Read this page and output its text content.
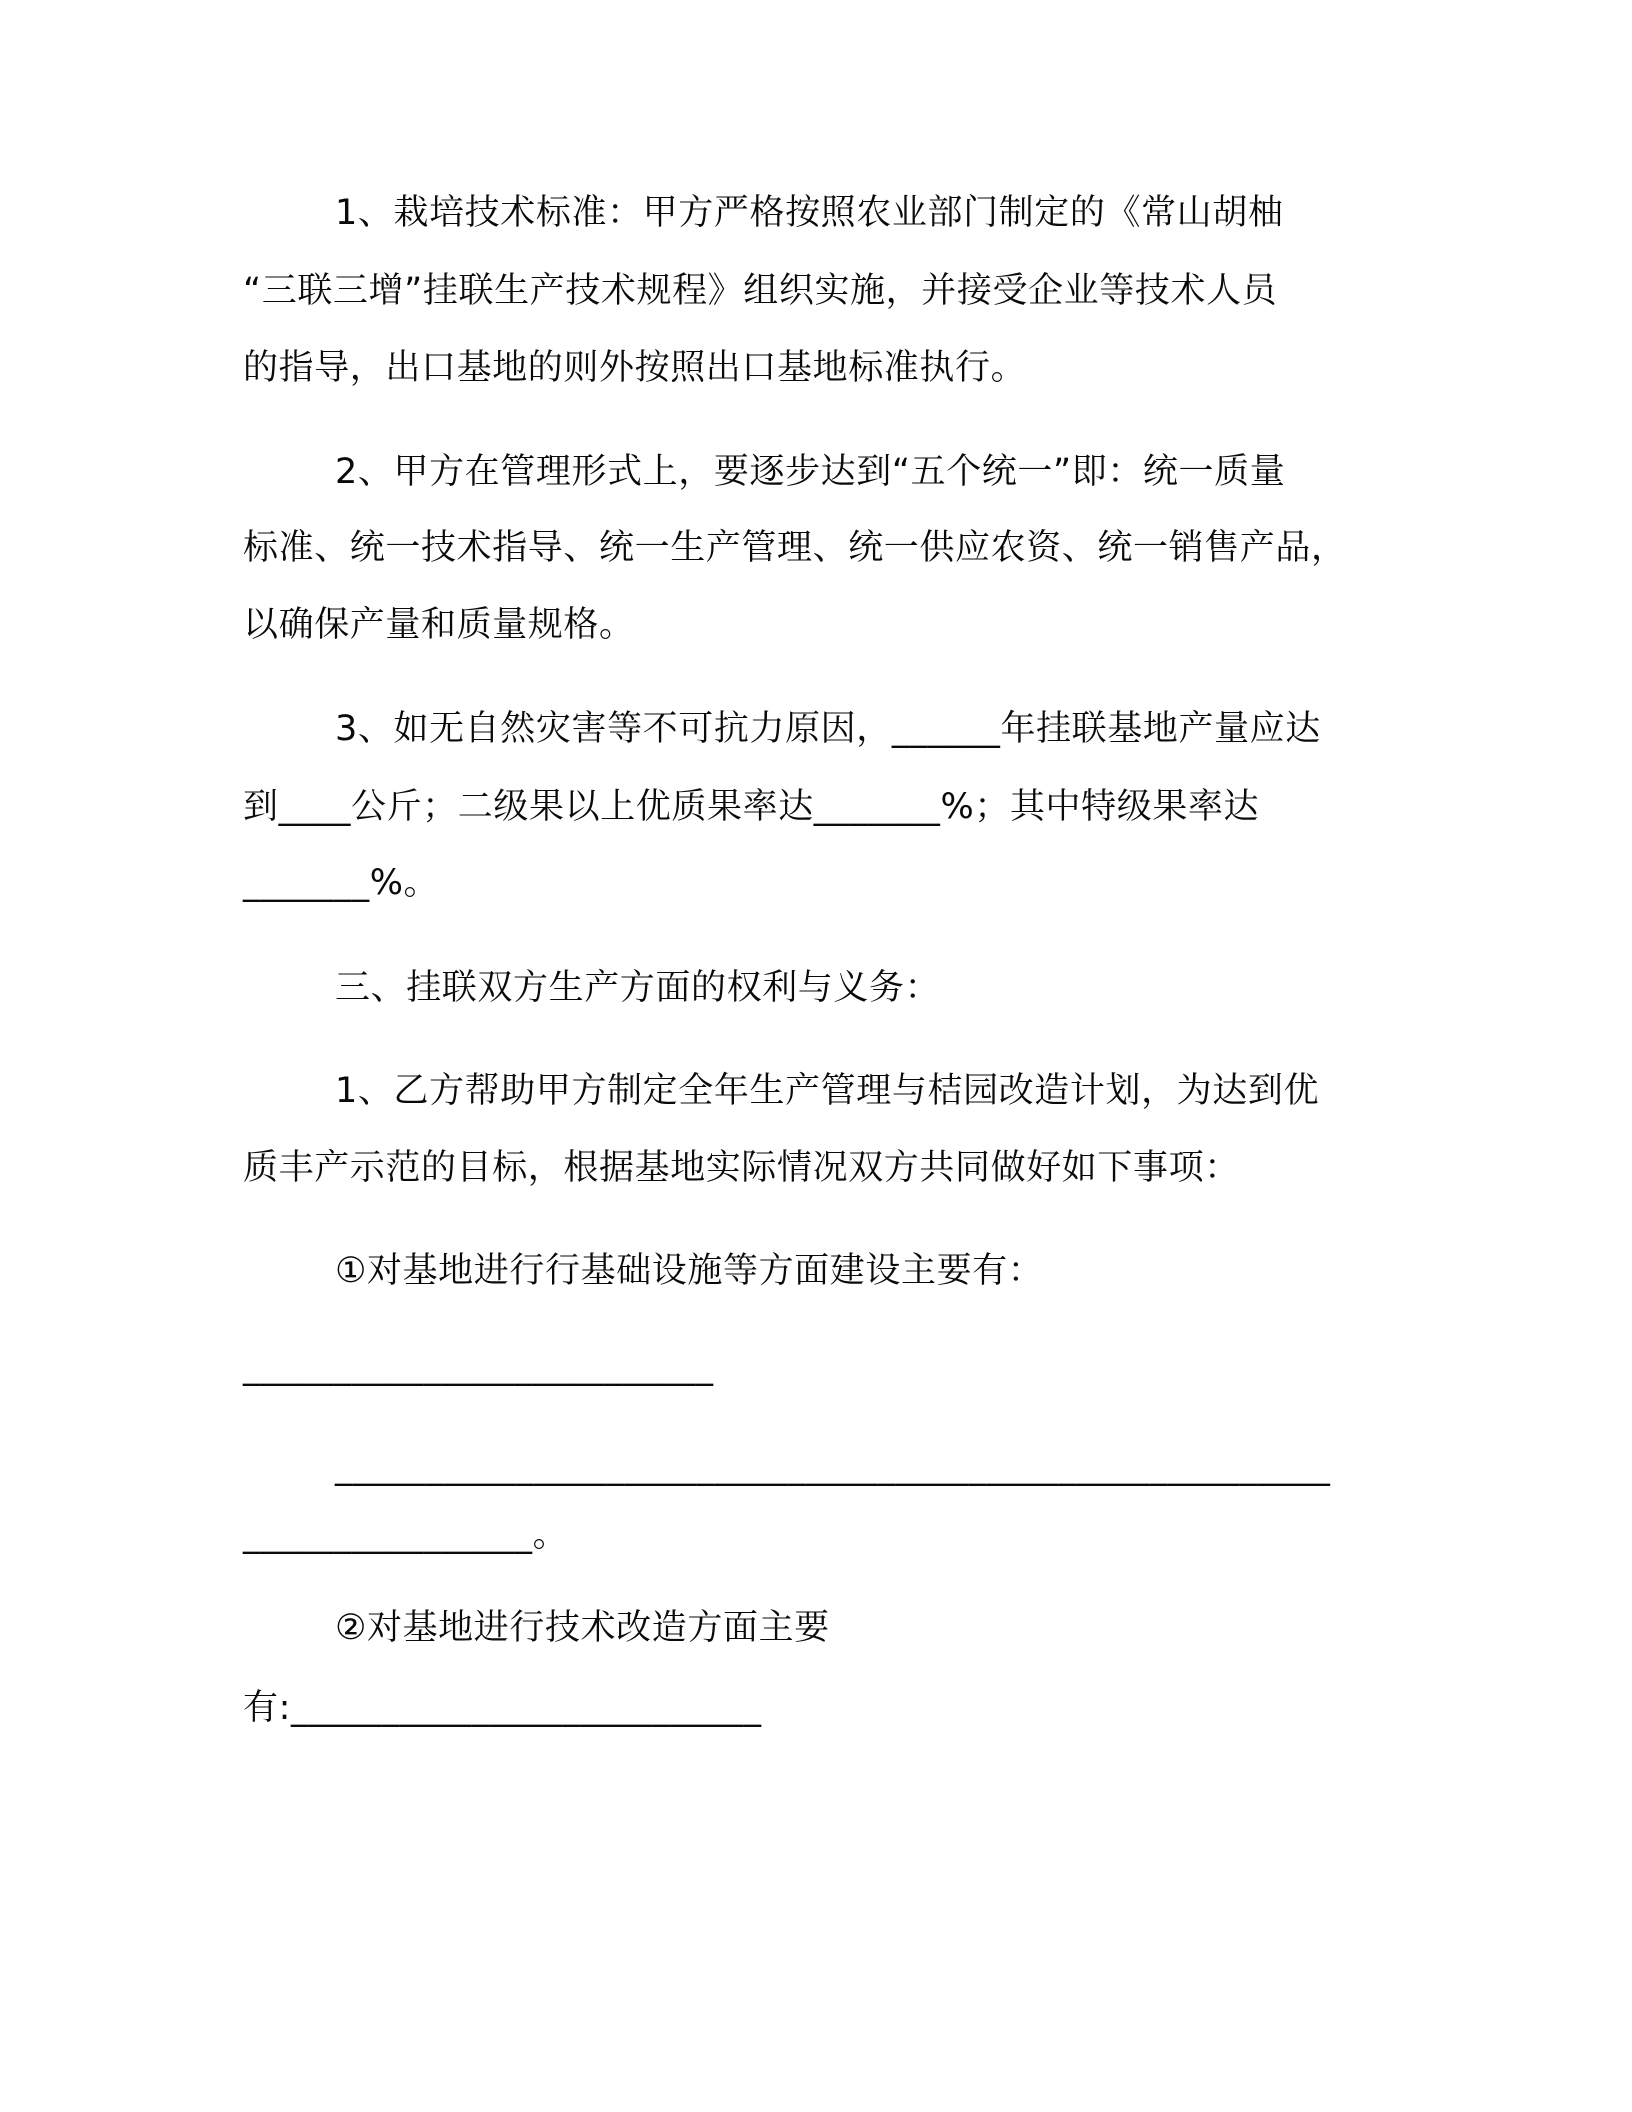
1、栽培技术标准：甲方严格按照农业部门制定的《常山胡柚
“三联三增”挂联生产技术规程》组织实施，并接受企业等技术人员
的指导，出口基地的则外按照出口基地标准执行。
2、甲方在管理形式上，要逐步达到“五个统一”即：统一质量
标准、统一技术指导、统一生产管理、统一供应农资、统一销售产品，
以确保产量和质量规格。
3、如无自然灾害等不可抗力原因，______年挂联基地产量应达
到____公斤；二级果以上优质果率达_______%；其中特级果率达
_______%。
三、挂联双方生产方面的权利与义务：
1、乙方帮助甲方制定全年生产管理与桔园改造计划，为达到优
质丰产示范的目标，根据基地实际情况双方共同做好如下事项：
①对基地进行行基础设施等方面建设主要有：
__________________________
_______________________________________________________
________________。
②对基地进行技术改造方面主要
有:__________________________
